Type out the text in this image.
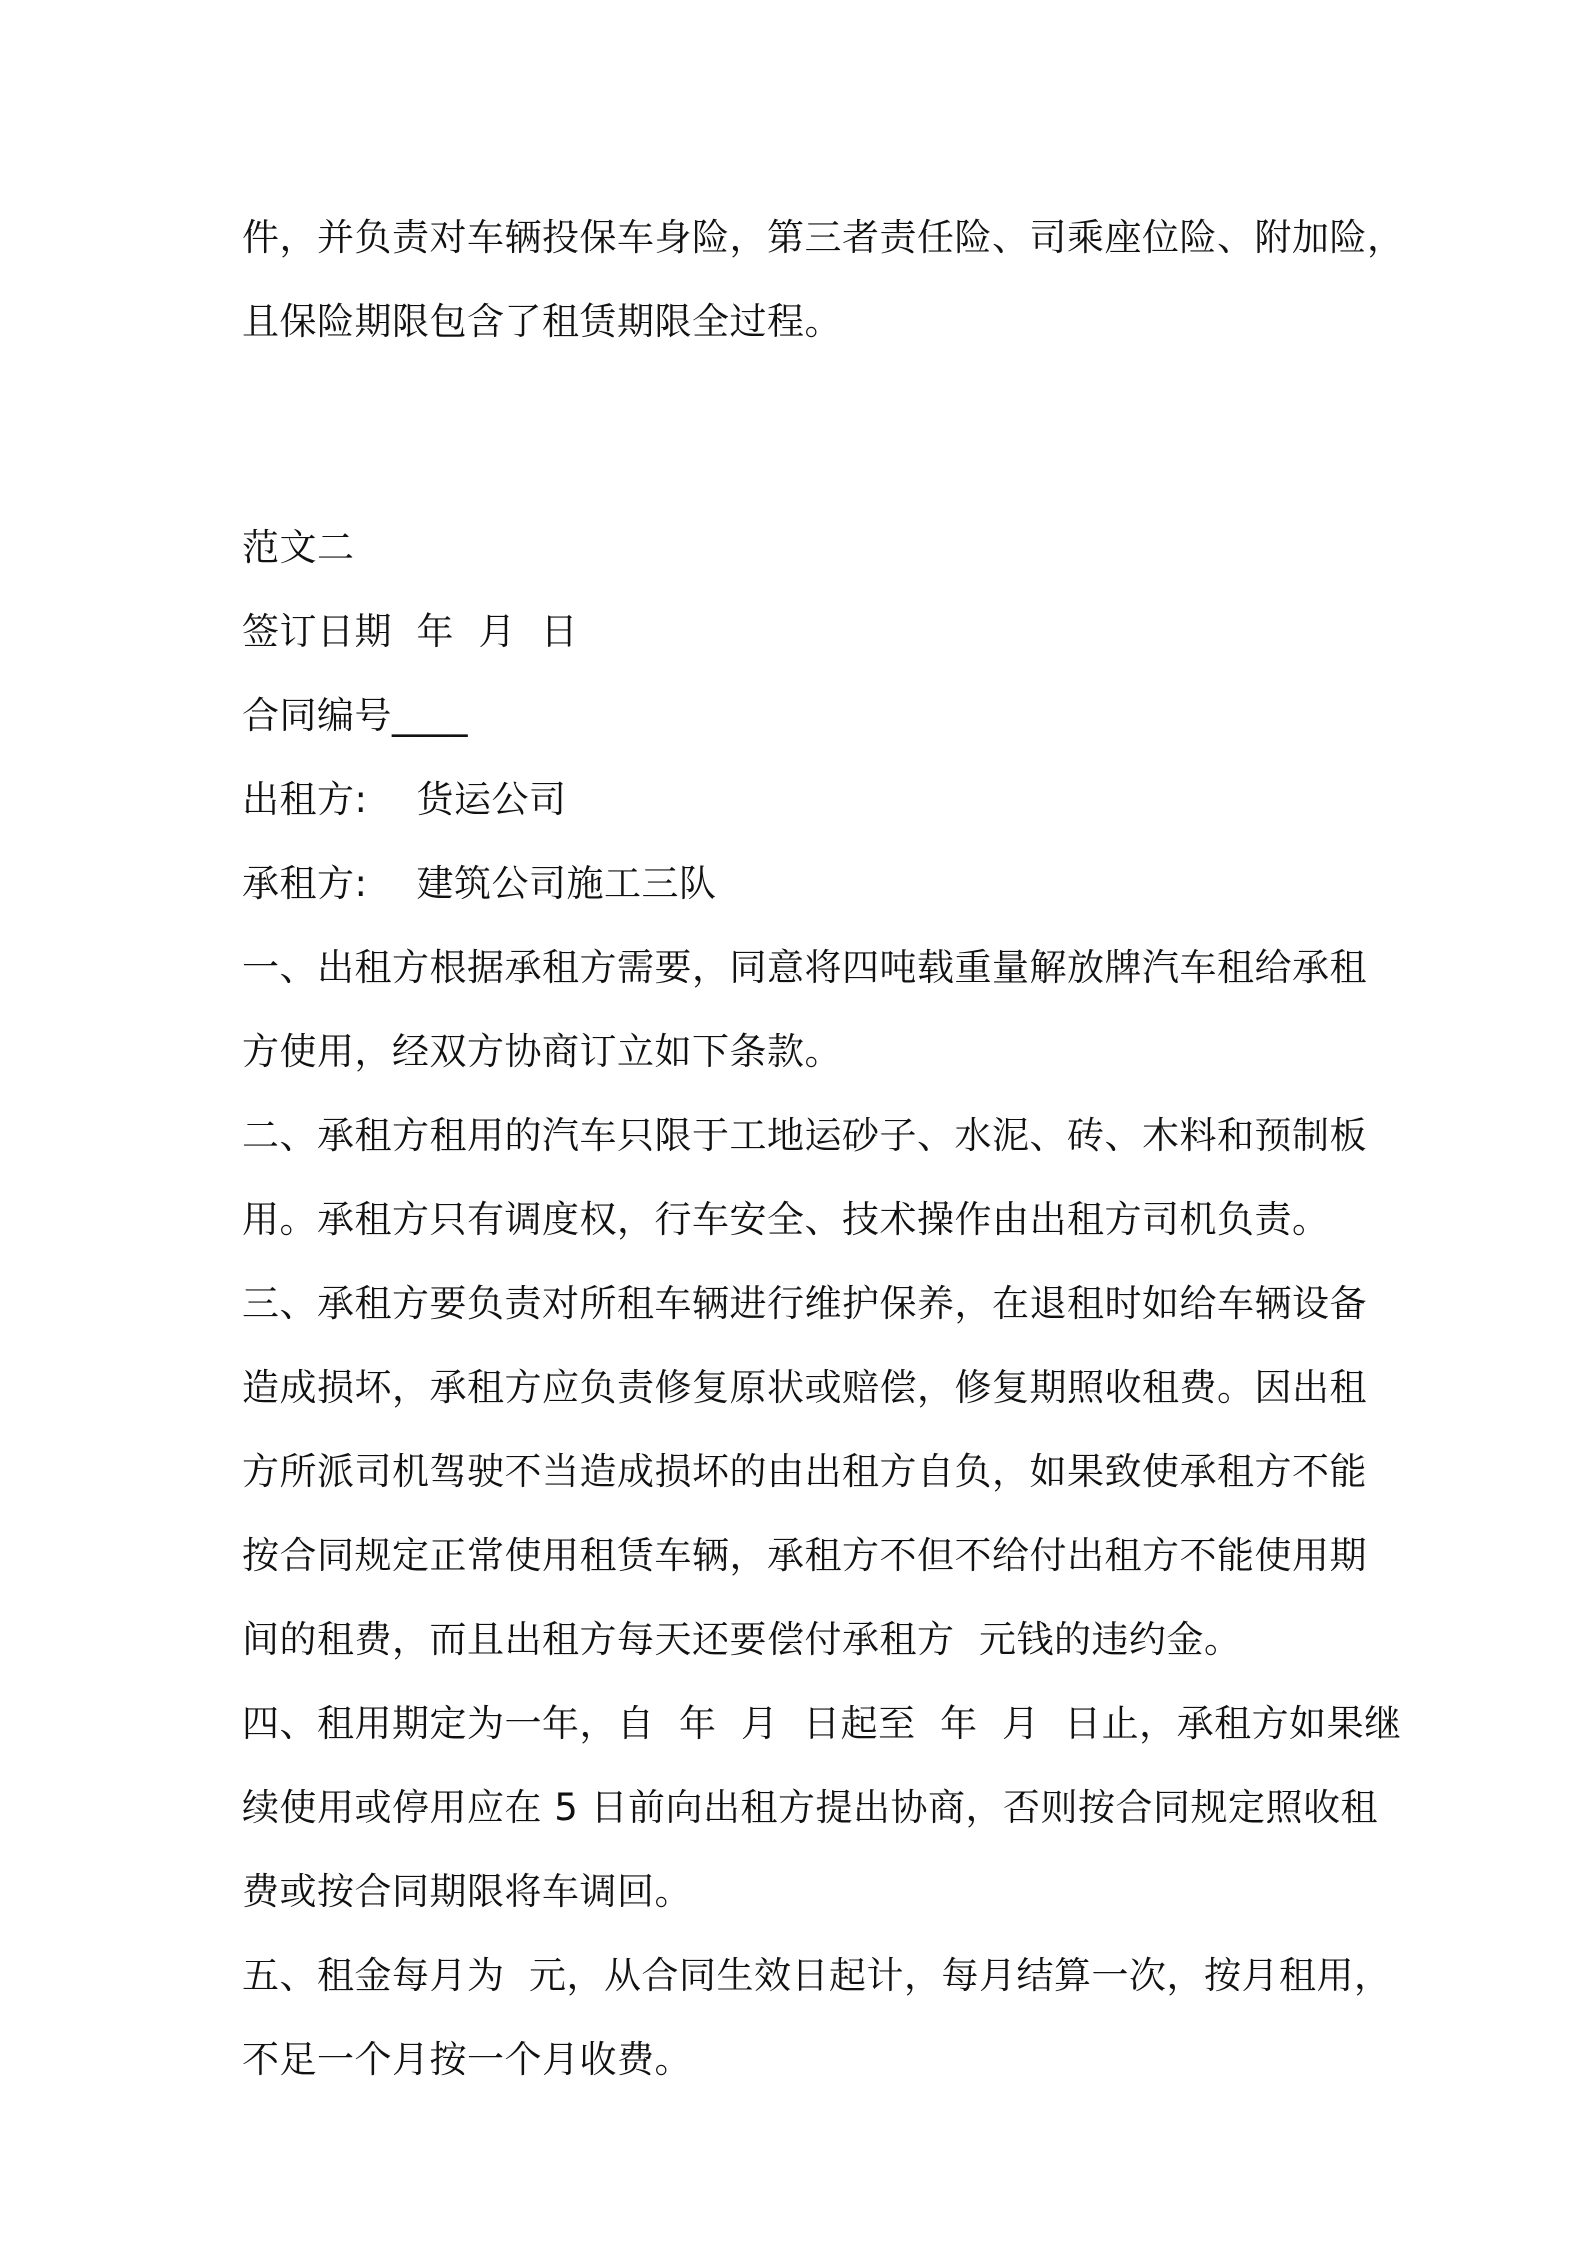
件，并负责对车辆投保车身险，第三者责任险、司乘座位险、附加险，
且保险期限包含了租赁期限全过程。
范文二
签订日期  年  月  日
合同编号____
出租方:    货运公司
承租方:    建筑公司施工三队
一、出租方根据承租方需要，同意将四吨载重量解放牌汽车租给承租
方使用，经双方协商订立如下条款。
二、承租方租用的汽车只限于工地运砂子、水泥、砖、木料和预制板
用。承租方只有调度权，行车安全、技术操作由出租方司机负责。
三、承租方要负责对所租车辆进行维护保养，在退租时如给车辆设备
造成损坏，承租方应负责修复原状或赔偿，修复期照收租费。因出租
方所派司机驾驶不当造成损坏的由出租方自负，如果致使承租方不能
按合同规定正常使用租赁车辆，承租方不但不给付出租方不能使用期
间的租费，而且出租方每天还要偿付承租方  元钱的违约金。
四、租用期定为一年，自  年  月  日起至  年  月  日止，承租方如果继
续使用或停用应在 5 日前向出租方提出协商，否则按合同规定照收租
费或按合同期限将车调回。
五、租金每月为  元，从合同生效日起计，每月结算一次，按月租用，
不足一个月按一个月收费。
